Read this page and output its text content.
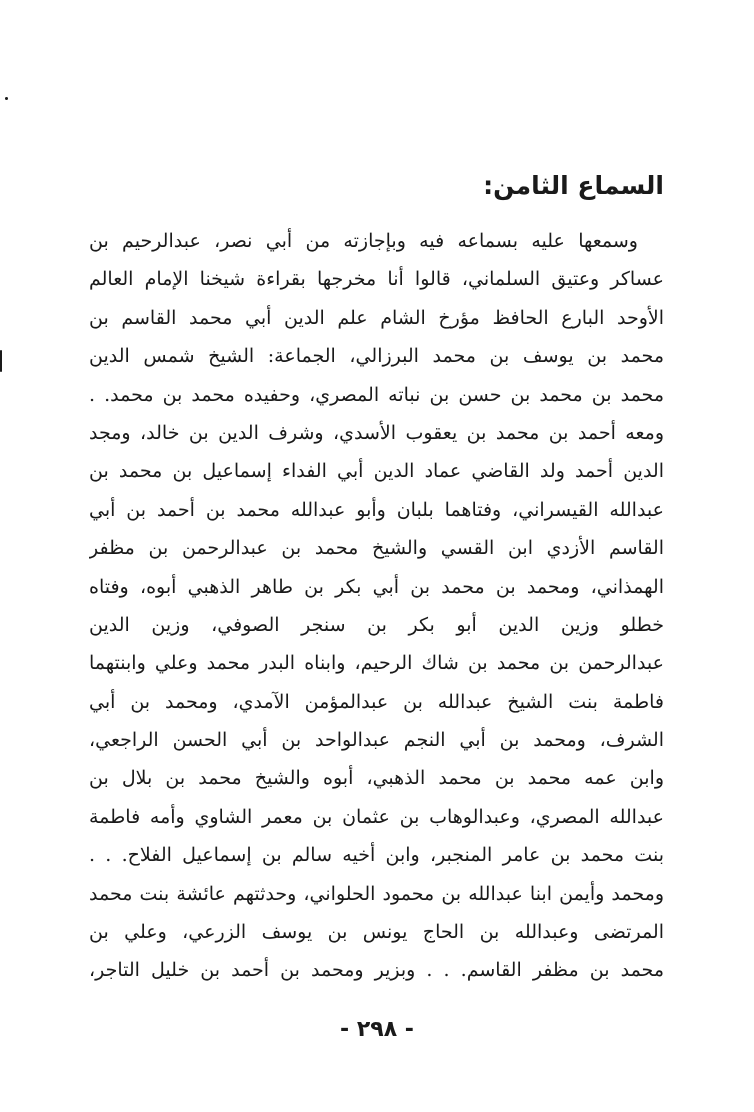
السماع الثامن:
وسمعها عليه بسماعه فيه وبإجازته من أبي نصر، عبدالرحيم بن
عساكر وعتيق السلماني، قالوا أنا مخرجها بقراءة شيخنا الإمام العالم
الأوحد البارع الحافظ مؤرخ الشام علم الدين أبي محمد القاسم بن
محمد بن يوسف بن محمد البرزالي، الجماعة: الشيخ شمس الدين
محمد بن محمد بن حسن بن نباته المصري، وحفيده محمد بن محمد. .
ومعه أحمد بن محمد بن يعقوب الأسدي، وشرف الدين بن خالد، ومجد
الدين أحمد ولد القاضي عماد الدين أبي الفداء إسماعيل بن محمد بن
عبدالله القيسراني، وفتاهما بلبان وأبو عبدالله محمد بن أحمد بن أبي
القاسم الأزدي ابن القسي والشيخ محمد بن عبدالرحمن بن مظفر
الهمذاني، ومحمد بن محمد بن أبي بكر بن طاهر الذهبي أبوه، وفتاه
خطلو وزين الدين أبو بكر بن سنجر الصوفي، وزين الدين
عبدالرحمن بن محمد بن شاك الرحيم، وابناه البدر محمد وعلي وابنتهما
فاطمة بنت الشيخ عبدالله بن عبدالمؤمن الآمدي، ومحمد بن أبي
الشرف، ومحمد بن أبي النجم عبدالواحد بن أبي الحسن الراجعي،
وابن عمه محمد بن محمد الذهبي، أبوه والشيخ محمد بن بلال بن
عبدالله المصري، وعبدالوهاب بن عثمان بن معمر الشاوي وأمه فاطمة
بنت محمد بن عامر المنجبر، وابن أخيه سالم بن إسماعيل الفلاح. . .
ومحمد وأيمن ابنا عبدالله بن محمود الحلواني، وحدثتهم عائشة بنت محمد
المرتضى وعبدالله بن الحاج يونس بن يوسف الزرعي، وعلي بن
محمد بن مظفر القاسم. . . وبزير ومحمد بن أحمد بن خليل التاجر،
- ٢٩٨ -
